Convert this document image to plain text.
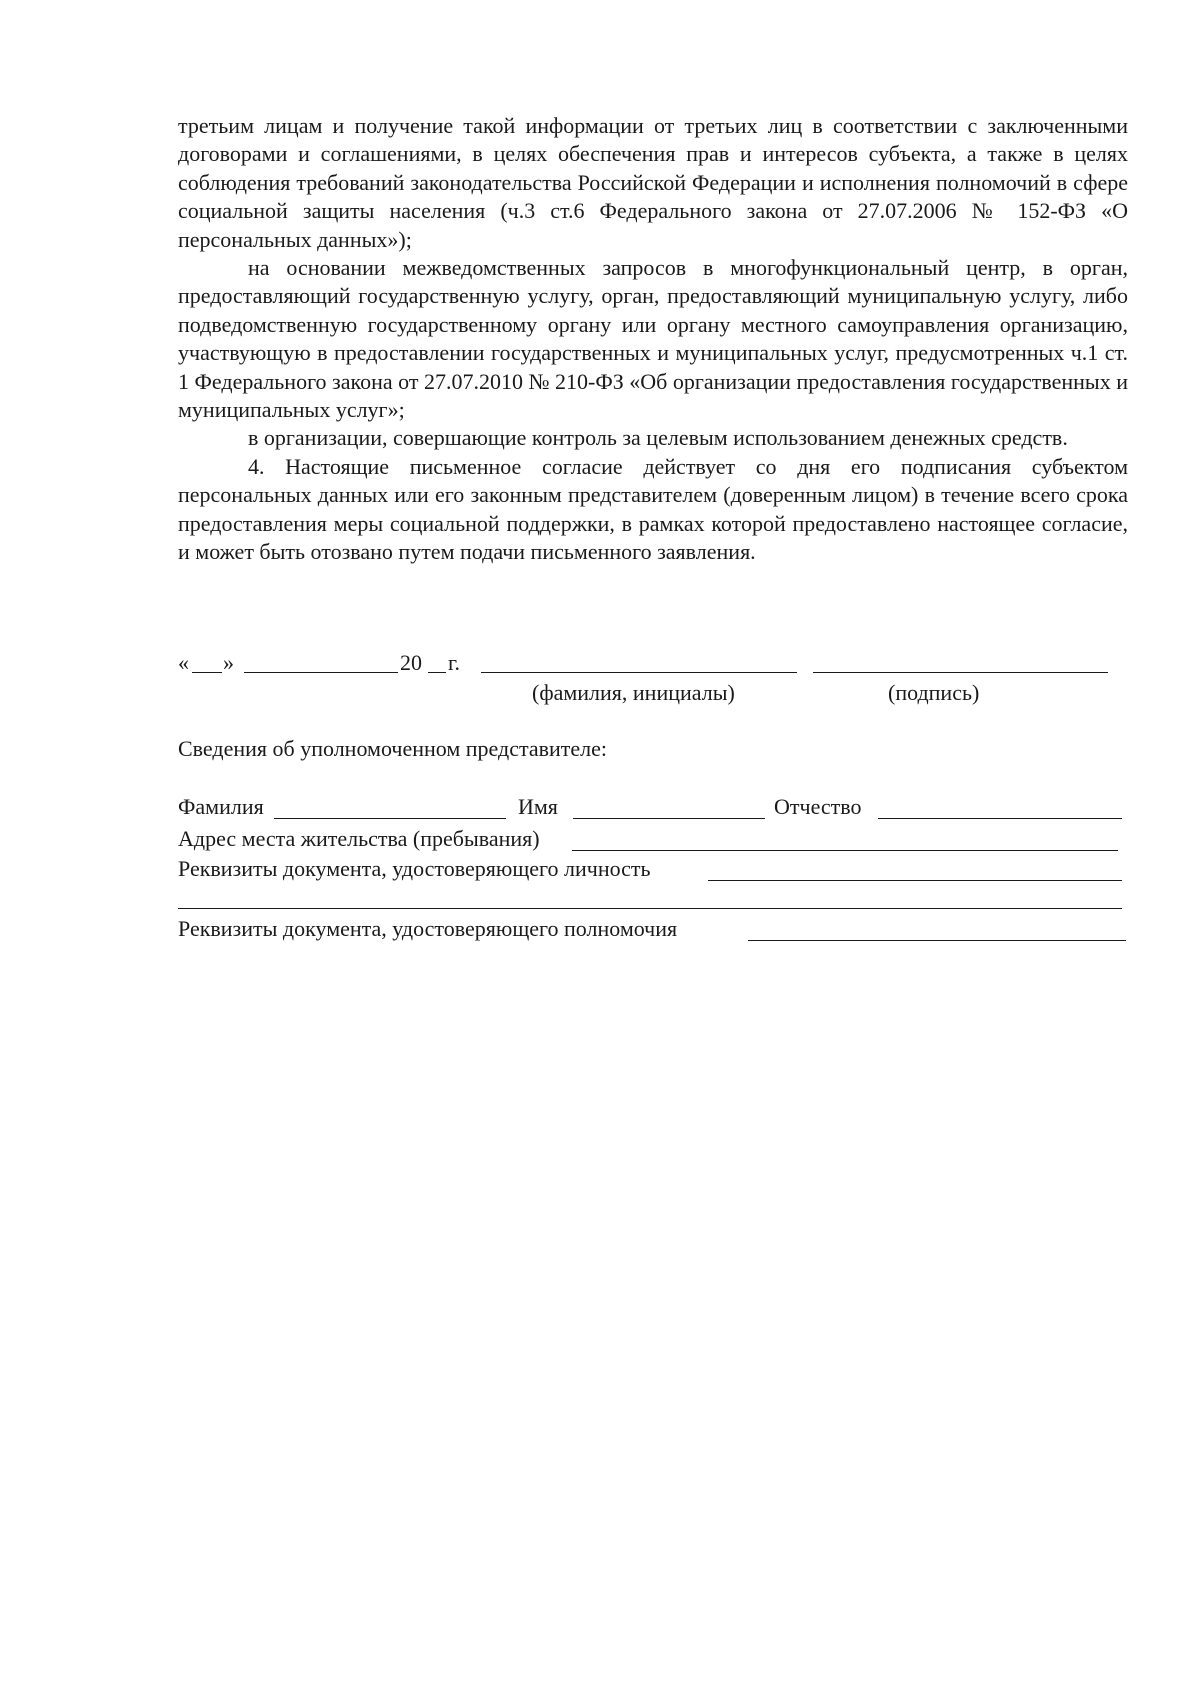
третьим лицам и получение такой информации от третьих лиц в соответствии с заключенными договорами и соглашениями, в целях обеспечения прав и интересов субъекта, а также в целях соблюдения требований законодательства Российской Федерации и исполнения полномочий в сфере социальной защиты населения (ч.3 ст.6 Федерального закона от 27.07.2006 № 152-ФЗ «О персональных данных»);

на основании межведомственных запросов в многофункциональный центр, в орган, предоставляющий государственную услугу, орган, предоставляющий муниципальную услугу, либо подведомственную государственному органу или органу местного самоуправления организацию, участвующую в предоставлении государственных и муниципальных услуг, предусмотренных ч.1 ст. 1 Федерального закона от 27.07.2010 № 210-ФЗ «Об организации предоставления государственных и муниципальных услуг»;

в организации, совершающие контроль за целевым использованием денежных средств.

4. Настоящие письменное согласие действует со дня его подписания субъектом персональных данных или его законным представителем (доверенным лицом) в течение всего срока предоставления меры социальной поддержки, в рамках которой предоставлено настоящее согласие, и может быть отозвано путем подачи письменного заявления.

« »	20 г.
(фамилия, инициалы)	(подпись)
Сведения об уполномоченном представителе:
Фамилия	Имя	Отчество
Адрес места жительства (пребывания)
Реквизиты документа, удостоверяющего личность
Реквизиты документа, удостоверяющего полномочия
